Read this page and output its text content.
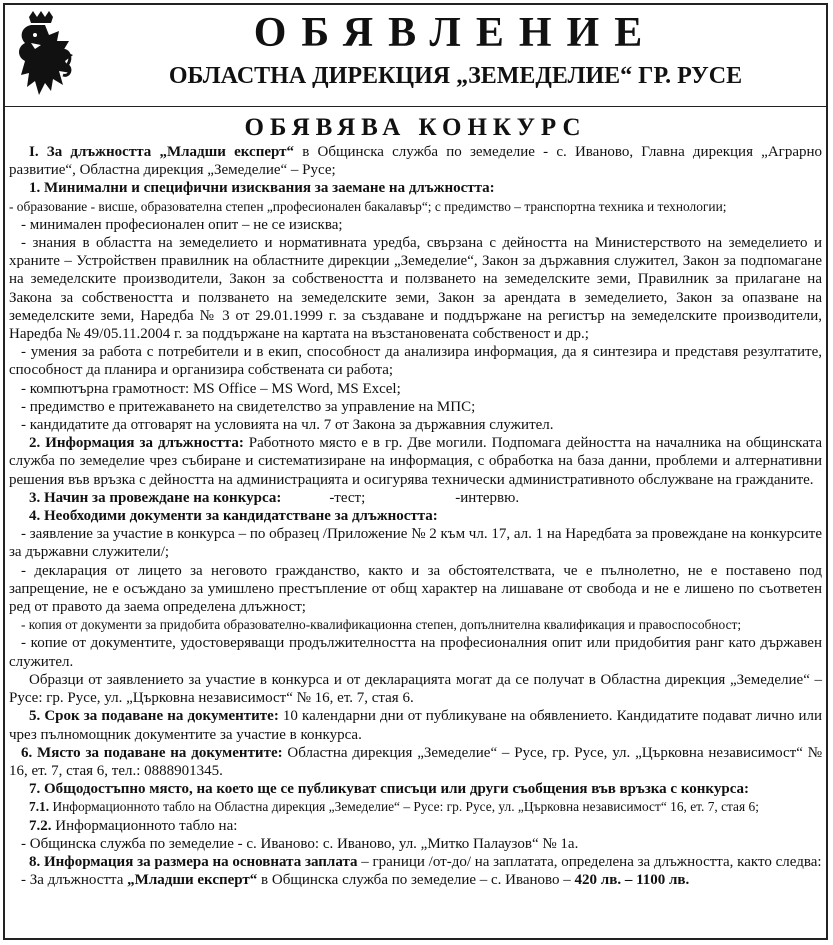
ОБЯВЛЕНИЕ
ОБЛАСТНА ДИРЕКЦИЯ „ЗЕМЕДЕЛИЕ“ ГР. РУСЕ
ОБЯВЯВА КОНКУРС

I. За длъжността „Младши експерт“ в Общинска служба по земеделие - с. Иваново, Главна дирекция „Аграрно развитие“, Областна дирекция „Земеделие“ – Русе;

1. Минимални и специфични изисквания за заемане на длъжността:

- образование - висше, образователна степен „професионален бакалавър“; с предимство – транспортна техника и технологии;

- минимален професионален опит – не се изисква;

- знания в областта на земеделието и нормативната уредба, свързана с дейността на Министерството на земеделието и храните – Устройствен правилник на областните дирекции „Земеделие“, Закон за държавния служител, Закон за подпомагане на земеделските производители, Закон за собствеността и ползването на земеделските земи, Правилник за прилагане на Закона за собствеността и ползването на земеделските земи, Закон за арендата в земеделието, Закон за опазване на земеделските земи, Наредба № 3 от 29.01.1999 г. за създаване и поддържане на регистър на земеделските производители, Наредба № 49/05.11.2004 г. за поддържане на картата на възстановената собственост и др.;

- умения за работа с потребители и в екип, способност да анализира информация, да я синтезира и представя резултатите, способност да планира и организира собствената си работа;

- компютърна грамотност: MS Office – MS Word, MS Excel;

- предимство е притежаването на свидетелство за управление на МПС;

- кандидатите да отговарят на условията на чл. 7 от Закона за държавния служител.

2. Информация за длъжността: Работното място е в гр. Две могили. Подпомага дейността на началника на общинската служба по земеделие чрез събиране и систематизиране на информация, с обработка на база данни, проблеми и алтернативни решения във връзка с дейността на администрацията и осигурява технически административното обслужване на гражданите.

3. Начин за провеждане на конкурса:	-тест;	-интервю.

4. Необходими документи за кандидатстване за длъжността:

- заявление за участие в конкурса – по образец /Приложение № 2 към чл. 17, ал. 1 на Наредбата за провеждане на конкурсите за държавни служители/;

- декларация от лицето за неговото гражданство, както и за обстоятелствата, че е пълнолетно, не е поставено под запрещение, не е осъждано за умишлено престъпление от общ характер на лишаване от свобода и не е лишено по съответен ред от правото да заема определена длъжност;

- копия от документи за придобита образователно-квалификационна степен, допълнителна квалификация и правоспособност;

- копие от документите, удостоверяващи продължителността на професионалния опит или придобития ранг като държавен служител.

Образци от заявлението за участие в конкурса и от декларацията могат да се получат в Областна дирекция „Земеделие“ – Русе: гр. Русе, ул. „Църковна независимост“ № 16, ет. 7, стая 6.

5. Срок за подаване на документите: 10 календарни дни от публикуване на обявлението. Кандидатите подават лично или чрез пълномощник документите за участие в конкурса.

6. Място за подаване на документите: Областна дирекция „Земеделие“ – Русе, гр. Русе, ул. „Църковна независимост“ № 16, ет. 7, стая 6, тел.: 0888901345.

7. Общодостъпно място, на което ще се публикуват списъци или други съобщения във връзка с конкурса:

7.1. Информационното табло на Областна дирекция „Земеделие“ – Русе: гр. Русе, ул. „Църковна независимост“ 16, ет. 7, стая 6;

7.2. Информационното табло на:

- Общинска служба по земеделие - с. Иваново: с. Иваново, ул. „Митко Палаузов“ № 1а.

8. Информация за размера на основната заплата – граници /от-до/ на заплатата, определена за длъжността, както следва:

- За длъжността „Младши експерт“ в Общинска служба по земеделие – с. Иваново – 420 лв. – 1100 лв.
